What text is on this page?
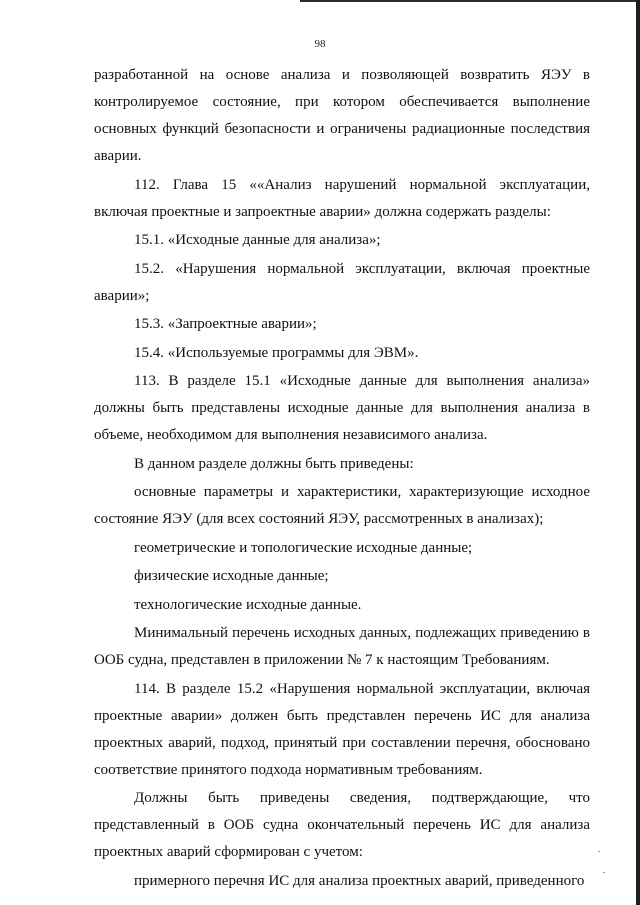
98

разработанной на основе анализа и позволяющей возвратить ЯЭУ в контролируемое состояние, при котором обеспечивается выполнение основных функций безопасности и ограничены радиационные последствия аварии.

112. Глава 15 ««Анализ нарушений нормальной эксплуатации, включая проектные и запроектные аварии» должна содержать разделы:

15.1. «Исходные данные для анализа»;

15.2. «Нарушения нормальной эксплуатации, включая проектные аварии»;

15.3. «Запроектные аварии»;

15.4. «Используемые программы для ЭВМ».

113. В разделе 15.1 «Исходные данные для выполнения анализа» должны быть представлены исходные данные для выполнения анализа в объеме, необходимом для выполнения независимого анализа.

В данном разделе должны быть приведены:

основные параметры и характеристики, характеризующие исходное состояние ЯЭУ (для всех состояний ЯЭУ, рассмотренных в анализах);

геометрические и топологические исходные данные;

физические исходные данные;

технологические исходные данные.

Минимальный перечень исходных данных, подлежащих приведению в ООБ судна, представлен в приложении № 7 к настоящим Требованиям.

114. В разделе 15.2 «Нарушения нормальной эксплуатации, включая проектные аварии» должен быть представлен перечень ИС для анализа проектных аварий, подход, принятый при составлении перечня, обосновано соответствие принятого подхода нормативным требованиям.

Должны быть приведены сведения, подтверждающие, что представленный в ООБ судна окончательный перечень ИС для анализа проектных аварий сформирован с учетом:

примерного перечня ИС для анализа проектных аварий, приведенного
